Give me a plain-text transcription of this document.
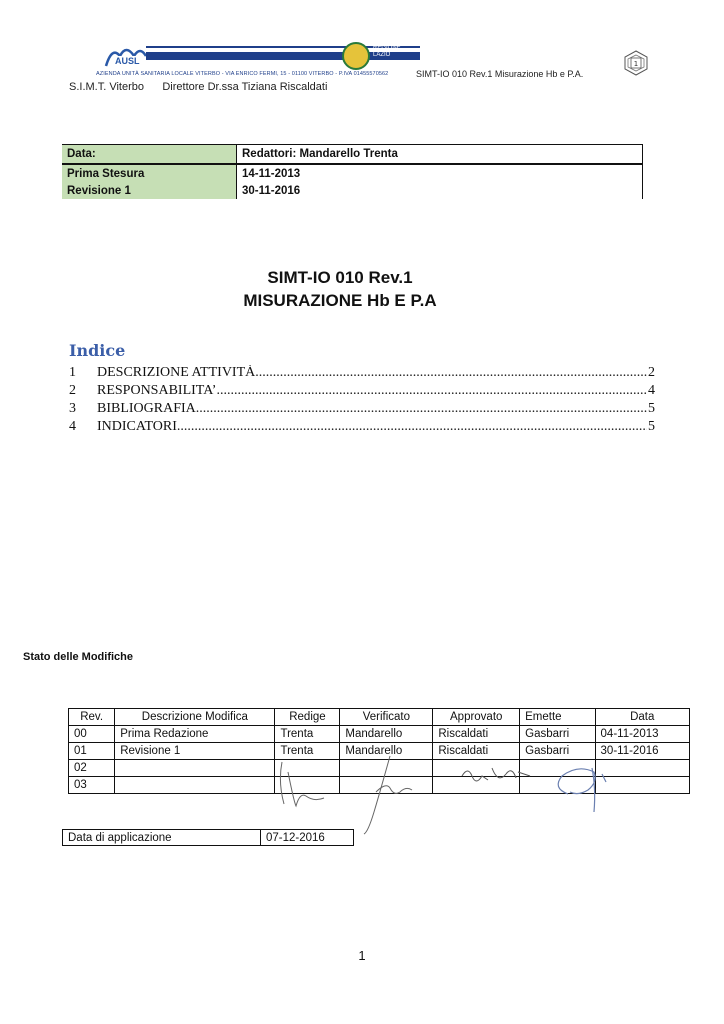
AUSL
AZIENDA UNITÀ SANITARIA LOCALE VITERBO - VIA ENRICO FERMI, 15 - 01100 VITERBO - P.IVA 01455570562
REGIONE LAZIO
SIMT-IO 010 Rev.1 Misurazione Hb e P.A.
1
S.I.M.T. Viterbo Direttore Dr.ssa Tiziana Riscaldati
Data:	Redattori: Mandarello Trenta
Prima Stesura	14-11-2013
Revisione 1	30-11-2016
SIMT-IO 010 Rev.1
MISURAZIONE Hb E P.A
Indice
1	DESCRIZIONE ATTIVITÀ .....	2
2	RESPONSABILITA’ .....	4
3	BIBLIOGRAFIA .....	5
4	INDICATORI .....	5
Stato delle Modifiche
Rev.	Descrizione Modifica	Redige	Verificato	Approvato	Emette	Data
00	Prima Redazione	Trenta	Mandarello	Riscaldati	Gasbarri	04-11-2013
01	Revisione 1	Trenta	Mandarello	Riscaldati	Gasbarri	30-11-2016
02						
03						
Data di applicazione	07-12-2016
1
